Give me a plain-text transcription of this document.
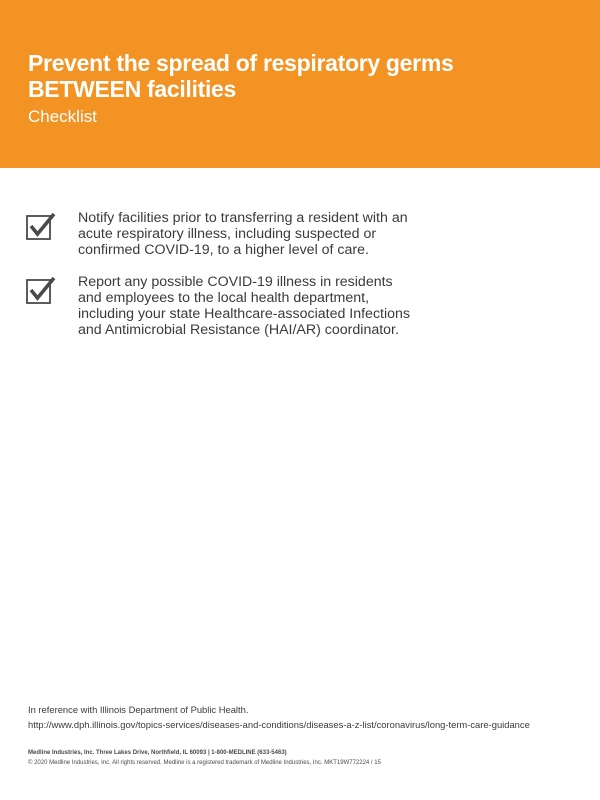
Prevent the spread of respiratory germs BETWEEN facilities
Checklist

Notify facilities prior to transferring a resident with an acute respiratory illness, including suspected or confirmed COVID-19, to a higher level of care.

Report any possible COVID-19 illness in residents and employees to the local health department, including your state Healthcare-associated Infections and Antimicrobial Resistance (HAI/AR) coordinator.

In reference with Illinois Department of Public Health.
http://www.dph.illinois.gov/topics-services/diseases-and-conditions/diseases-a-z-list/coronavirus/long-term-care-guidance
Medline Industries, Inc. Three Lakes Drive, Northfield, IL 60093 | 1-800-MEDLINE (633-5463)
© 2020 Medline Industries, Inc. All rights reserved. Medline is a registered trademark of Medline Industries, Inc. MKT19W772224 / 15
